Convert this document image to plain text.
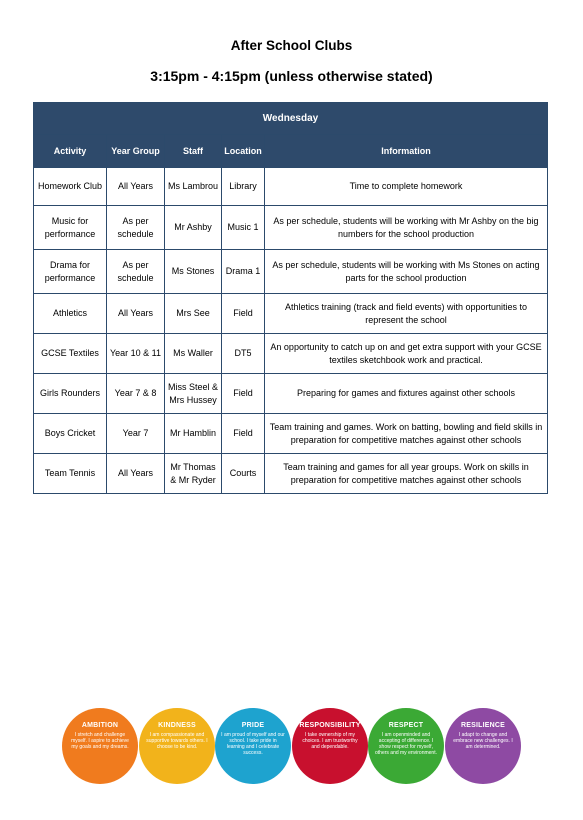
After School Clubs
3:15pm - 4:15pm (unless otherwise stated)
Wednesday				
Activity	Year Group	Staff	Location	Information
Homework Club	All Years	Ms Lambrou	Library	Time to complete homework
Music for performance	As per schedule	Mr Ashby	Music 1	As per schedule, students will be working with Mr Ashby on the big numbers for the school production
Drama for performance	As per schedule	Ms Stones	Drama 1	As per schedule, students will be working with Ms Stones on acting parts for the school production
Athletics	All Years	Mrs See	Field	Athletics training (track and field events) with opportunities to represent the school
GCSE Textiles	Year 10 & 11	Ms Waller	DT5	An opportunity to catch up on and get extra support with your GCSE textiles sketchbook work and practical.
Girls Rounders	Year 7 & 8	Miss Steel & Mrs Hussey	Field	Preparing for games and fixtures against other schools
Boys Cricket	Year 7	Mr Hamblin	Field	Team training and games. Work on batting, bowling and field skills in preparation for competitive matches against other schools
Team Tennis	All Years	Mr Thomas & Mr Ryder	Courts	Team training and games for all year groups. Work on skills in preparation for competitive matches against other schools
AMBITION
I stretch and challenge myself. I aspire to achieve my goals and my dreams.
KINDNESS
I am compassionate and supportive towards others. I choose to be kind.
PRIDE
I am proud of myself and our school. I take pride in learning and I celebrate success.
RESPONSIBILITY
I take ownership of my choices. I am trustworthy and dependable.
RESPECT
I am openminded and accepting of difference. I show respect for myself, others and my environment.
RESILIENCE
I adapt to change and embrace new challenges. I am determined.
